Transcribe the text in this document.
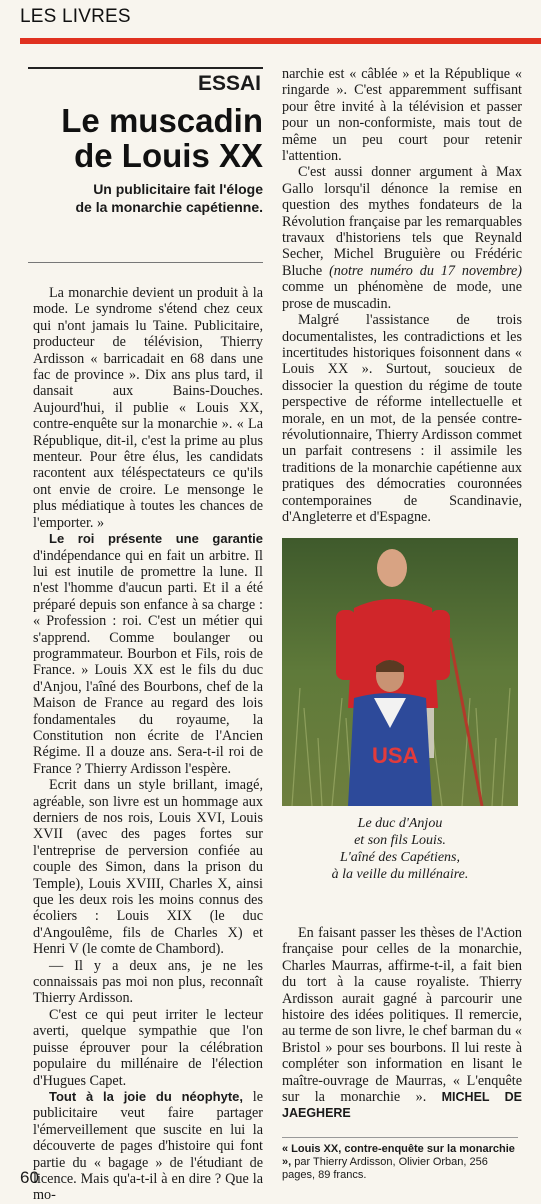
LES LIVRES
ESSAI
Le muscadin
de Louis XX
Un publicitaire fait l'éloge
de la monarchie capétienne.

La monarchie devient un produit à la mode. Le syndrome s'étend chez ceux qui n'ont jamais lu Taine. Publicitaire, producteur de télévision, Thierry Ardisson « barricadait en 68 dans une fac de province ». Dix ans plus tard, il dansait aux Bains-Douches. Aujourd'hui, il publie « Louis XX, contre-enquête sur la monarchie ». « La République, dit-il, c'est la prime au plus menteur. Pour être élus, les candidats racontent aux téléspectateurs ce qu'ils ont envie de croire. Le mensonge le plus médiatique à toutes les chances de l'emporter. »

Le roi présente une garantie d'indépendance qui en fait un arbitre. Il lui est inutile de promettre la lune. Il n'est l'homme d'aucun parti. Et il a été préparé depuis son enfance à sa charge : « Profession : roi. C'est un métier qui s'apprend. Comme boulanger ou programmateur. Bourbon et Fils, rois de France. » Louis XX est le fils du duc d'Anjou, l'aîné des Bourbons, chef de la Maison de France au regard des lois fondamentales du royaume, la Constitution non écrite de l'Ancien Régime. Il a douze ans. Sera-t-il roi de France ? Thierry Ardisson l'espère.

Ecrit dans un style brillant, imagé, agréable, son livre est un hommage aux derniers de nos rois, Louis XVI, Louis XVII (avec des pages fortes sur l'entreprise de perversion confiée au couple des Simon, dans la prison du Temple), Louis XVIII, Charles X, ainsi que les deux rois les moins connus des écoliers : Louis XIX (le duc d'Angoulême, fils de Charles X) et Henri V (le comte de Chambord).

— Il y a deux ans, je ne les connaissais pas moi non plus, reconnaît Thierry Ardisson.

C'est ce qui peut irriter le lecteur averti, quelque sympathie que l'on puisse éprouver pour la célébration populaire du millénaire de l'élection d'Hugues Capet.

Tout à la joie du néophyte, le publicitaire veut faire partager l'émerveillement que suscite en lui la découverte de pages d'histoire qui font partie du « bagage » de l'étudiant de licence. Mais qu'a-t-il à en dire ? Que la mo-

narchie est « câblée » et la République « ringarde ». C'est apparemment suffisant pour être invité à la télévision et passer pour un non-conformiste, mais tout de même un peu court pour retenir l'attention.

C'est aussi donner argument à Max Gallo lorsqu'il dénonce la remise en question des mythes fondateurs de la Révolution française par les remarquables travaux d'historiens tels que Reynald Secher, Michel Bruguière ou Frédéric Bluche (notre numéro du 17 novembre) comme un phénomène de mode, une prose de muscadin.

Malgré l'assistance de trois documentalistes, les contradictions et les incertitudes historiques foisonnent dans « Louis XX ». Surtout, soucieux de dissocier la question du régime de toute perspective de réforme intellectuelle et morale, en un mot, de la pensée contre-révolutionnaire, Thierry Ardisson commet un parfait contresens : il assimile les traditions de la monarchie capétienne aux pratiques des démocraties couronnées contemporaines de Scandinavie, d'Angleterre et d'Espagne.

USA
Le duc d'Anjou
et son fils Louis.
L'aîné des Capétiens,
à la veille du millénaire.

En faisant passer les thèses de l'Action française pour celles de la monarchie, Charles Maurras, affirme-t-il, a fait bien du tort à la cause royaliste. Thierry Ardisson aurait gagné à parcourir une histoire des idées politiques. Il remercie, au terme de son livre, le chef barman du « Bristol » pour ses bourbons. Il lui reste à compléter son information en lisant le maître-ouvrage de Maurras, « L'enquête sur la monarchie ». MICHEL DE JAEGHERE

« Louis XX, contre-enquête sur la monarchie », par Thierry Ardisson, Olivier Orban, 256 pages, 89 francs.
60
